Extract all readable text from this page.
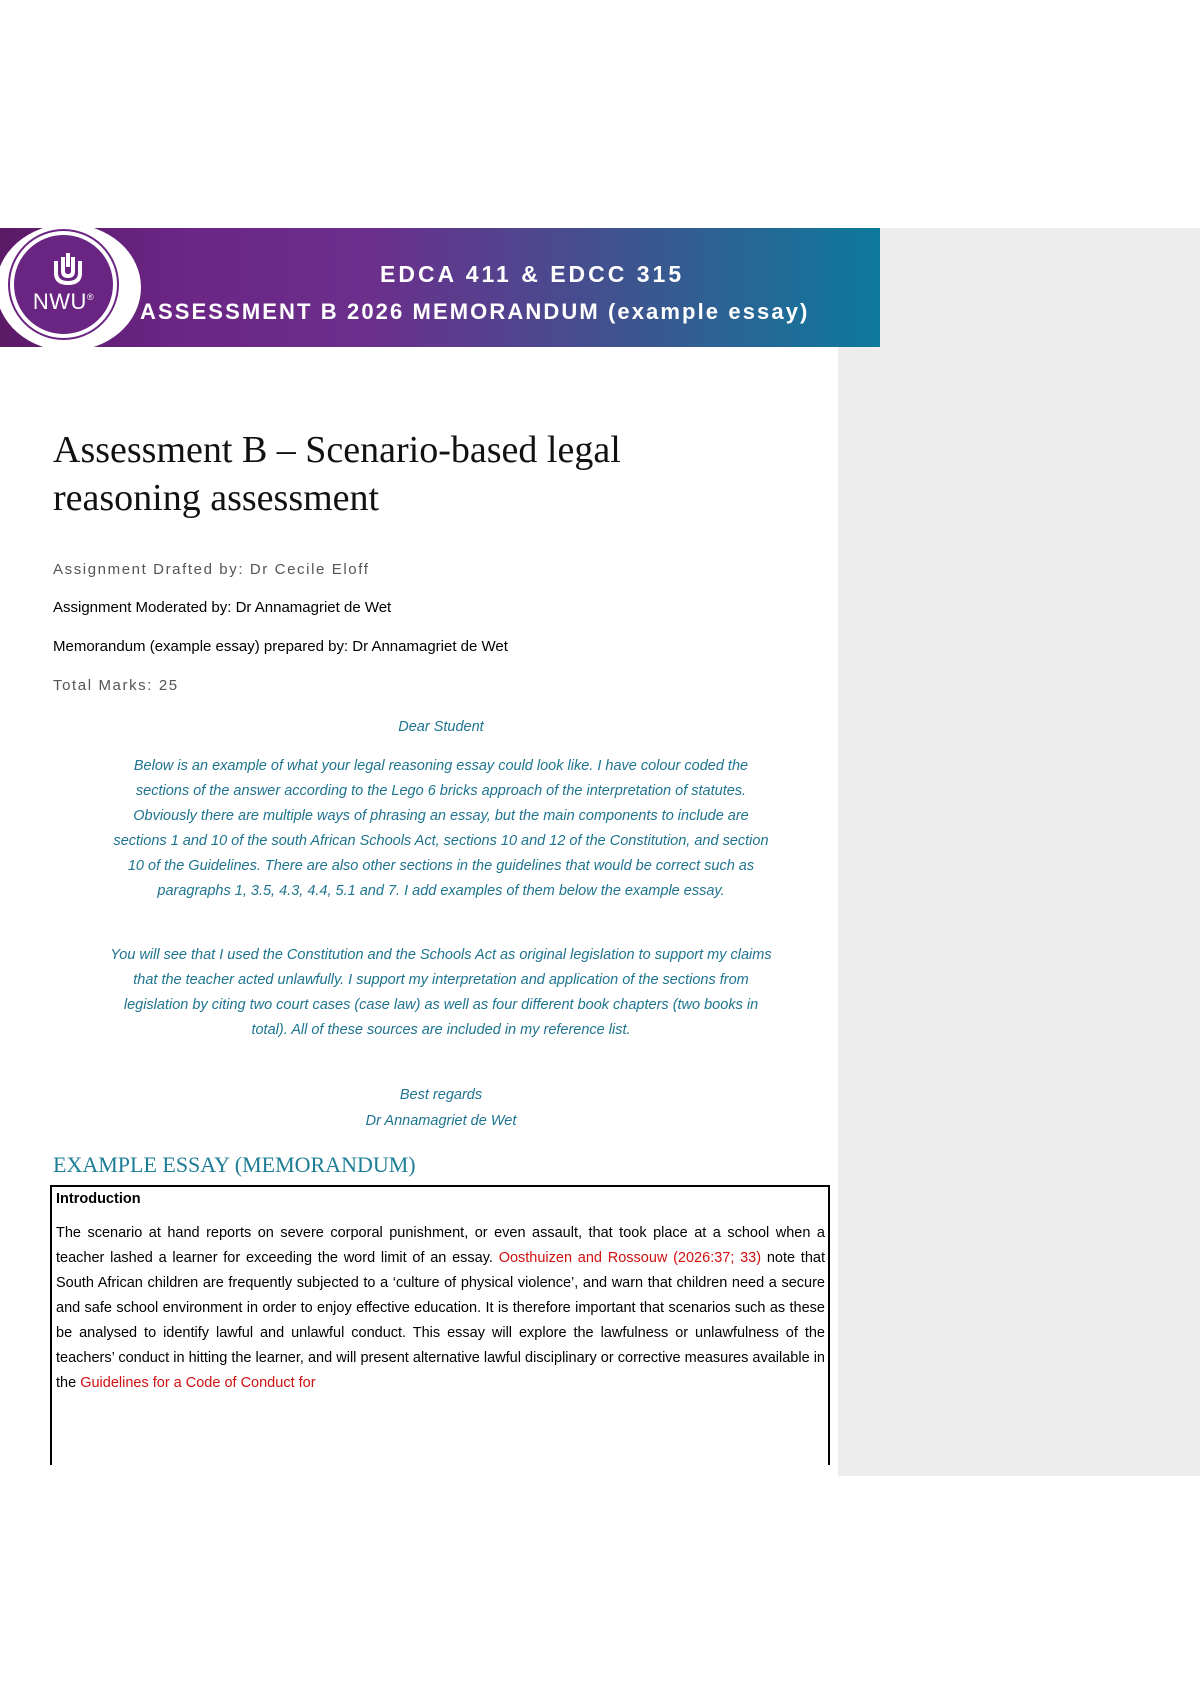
NWU®
EDCA 411 & EDCC 315
ASSESSMENT B 2026 MEMORANDUM (example essay)
Assessment B – Scenario-based legal reasoning assessment
Assignment Drafted by: Dr Cecile Eloff
Assignment Moderated by: Dr Annamagriet de Wet
Memorandum (example essay) prepared by: Dr Annamagriet de Wet
Total Marks: 25

Dear Student

Below is an example of what your legal reasoning essay could look like. I have colour coded the sections of the answer according to the Lego 6 bricks approach of the interpretation of statutes. Obviously there are multiple ways of phrasing an essay, but the main components to include are sections 1 and 10 of the south African Schools Act, sections 10 and 12 of the Constitution, and section 10 of the Guidelines. There are also other sections in the guidelines that would be correct such as paragraphs 1, 3.5, 4.3, 4.4, 5.1 and 7. I add examples of them below the example essay.

You will see that I used the Constitution and the Schools Act as original legislation to support my claims that the teacher acted unlawfully. I support my interpretation and application of the sections from legislation by citing two court cases (case law) as well as four different book chapters (two books in total). All of these sources are included in my reference list.

Best regards

Dr Annamagriet de Wet

EXAMPLE ESSAY (MEMORANDUM)

Introduction

The scenario at hand reports on severe corporal punishment, or even assault, that took place at a school when a teacher lashed a learner for exceeding the word limit of an essay. Oosthuizen and Rossouw (2026:37; 33) note that South African children are frequently subjected to a ‘culture of physical violence’, and warn that children need a secure and safe school environment in order to enjoy effective education. It is therefore important that scenarios such as these be analysed to identify lawful and unlawful conduct. This essay will explore the lawfulness or unlawfulness of the teachers’ conduct in hitting the learner, and will present alternative lawful disciplinary or corrective measures available in the Guidelines for a Code of Conduct for
